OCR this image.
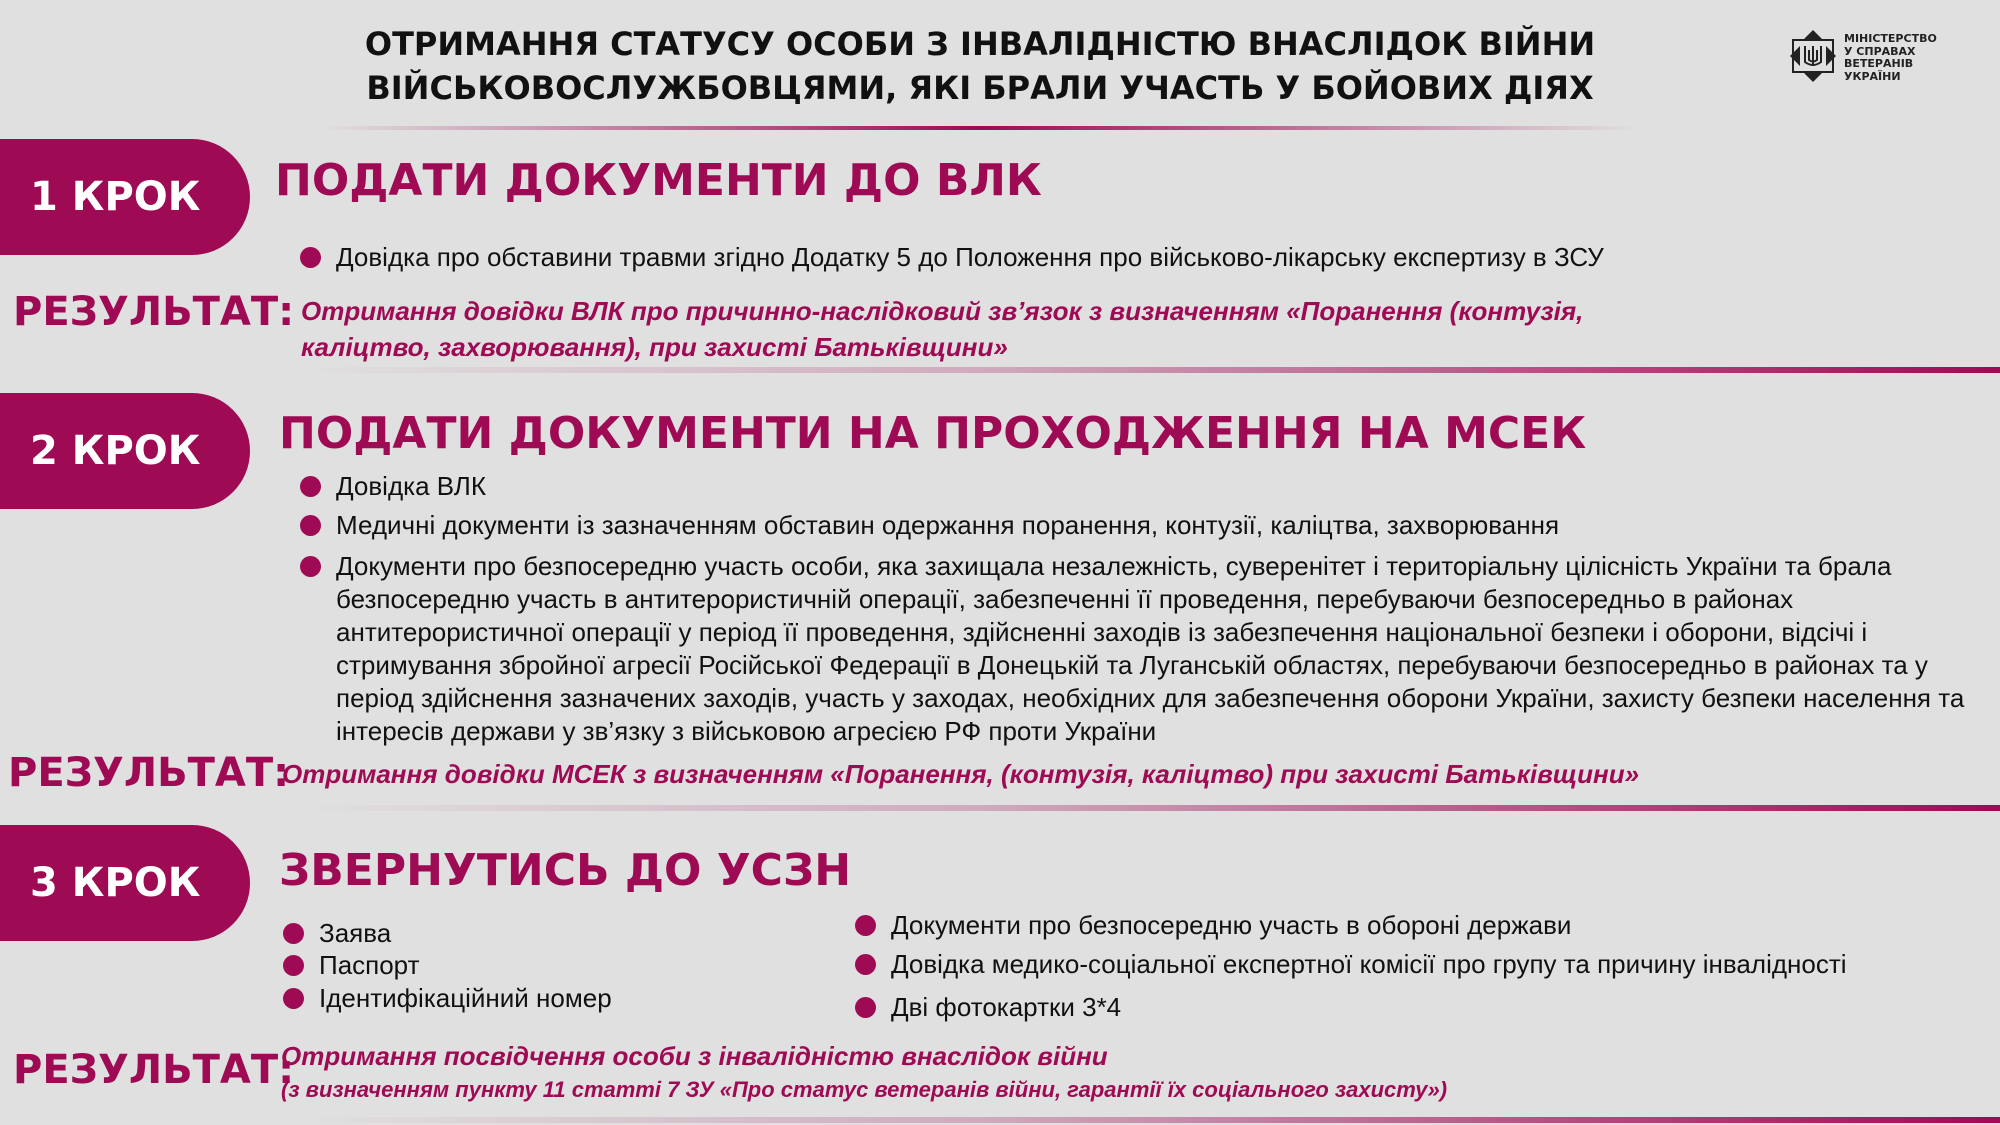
ОТРИМАННЯ СТАТУСУ ОСОБИ З ІНВАЛІДНІСТЮ ВНАСЛІДОК ВІЙНИ
ВІЙСЬКОВОСЛУЖБОВЦЯМИ, ЯКІ БРАЛИ УЧАСТЬ У БОЙОВИХ ДІЯХ
МІНІСТЕРСТВО
У СПРАВАХ
ВЕТЕРАНІВ
УКРАЇНИ
1 КРОК ПОДАТИ ДОКУМЕНТИ ДО ВЛК
Довідка про обставини травми згідно Додатку 5 до Положення про військово-лікарську експертизу в ЗСУ
РЕЗУЛЬТАТ: Отримання довідки ВЛК про причинно-наслідковий зв’язок з визначенням «Поранення (контузія,
каліцтво, захворювання), при захисті Батьківщини»
2 КРОК ПОДАТИ ДОКУМЕНТИ НА ПРОХОДЖЕННЯ НА МСЕК
Довідка ВЛК
Медичні документи із зазначенням обставин одержання поранення, контузії, каліцтва, захворювання
Документи про безпосередню участь особи, яка захищала незалежність, суверенітет і територіальну цілісність України та брала безпосередню участь в антитерористичній операції, забезпеченні її проведення, перебуваючи безпосередньо в районах антитерористичної операції у період її проведення, здійсненні заходів із забезпечення національної безпеки і оборони, відсічі і стримування збройної агресії Російської Федерації в Донецькій та Луганській областях, перебуваючи безпосередньо в районах та у період здійснення зазначених заходів, участь у заходах, необхідних для забезпечення оборони України, захисту безпеки населення та інтересів держави у зв’язку з військовою агресією РФ проти України
РЕЗУЛЬТАТ:
Отримання довідки МСЕК з визначенням «Поранення, (контузія, каліцтво) при захисті Батьківщини»
3 КРОК ЗВЕРНУТИСЬ ДО УСЗН
Заява
Паспорт
Ідентифікаційний номер
Документи про безпосередню участь в обороні держави
Довідка медико-соціальної експертної комісії про групу та причину інвалідності
Дві фотокартки 3*4
РЕЗУЛЬТАТ:
Отримання посвідчення особи з інвалідністю внаслідок війни
(з визначенням пункту 11 статті 7 ЗУ «Про статус ветеранів війни, гарантії їх соціального захисту»)
